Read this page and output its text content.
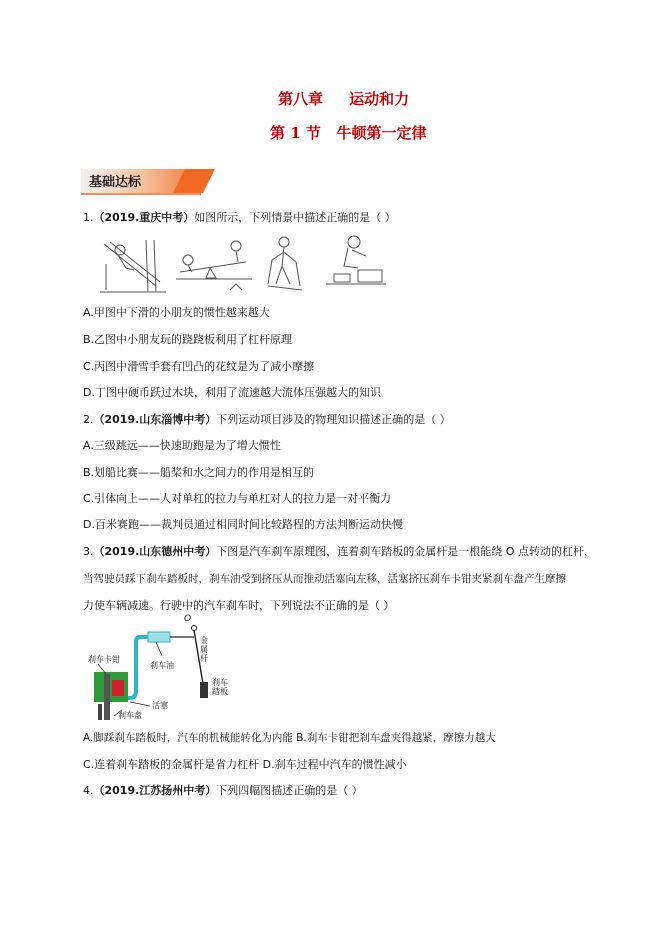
第八章     运动和力
第 1 节   牛顿第一定律
基础达标
1.（2019.重庆中考）如图所示，下列情景中描述正确的是（ ）
A.甲图中下滑的小朋友的惯性越来越大
B.乙图中小朋友玩的跷跷板利用了杠杆原理
C.丙图中滑雪手套有凹凸的花纹是为了减小摩擦
D.丁图中硬币跃过木块，利用了流速越大流体压强越大的知识
2.（2019.山东淄博中考）下列运动项目涉及的物理知识描述正确的是（ ）
A.三级跳远——快速助跑是为了增大惯性
B.划船比赛——船桨和水之间力的作用是相互的
C.引体向上——人对单杠的拉力与单杠对人的拉力是一对平衡力
D.百米赛跑——裁判员通过相同时间比较路程的方法判断运动快慢
3.（2019.山东德州中考）下图是汽车刹车原理图，连着刹车踏板的金属杆是一根能绕 O 点转动的杠杆，
当驾驶员踩下刹车踏板时，刹车油受到挤压从而推动活塞向左移，活塞挤压刹车卡钳夹紧刹车盘产生摩擦
力使车辆减速。行驶中的汽车刹车时，下列说法不正确的是（ ）
刹车卡钳
刹车油
活塞
刹车盘
O
金属杆
刹车踏板
A.脚踩刹车踏板时，汽车的机械能转化为内能 B.刹车卡钳把刹车盘夹得越紧，摩擦力越大
C.连着刹车踏板的金属杆是省力杠杆 D.刹车过程中汽车的惯性减小
4.（2019.江苏扬州中考）下列四幅图描述正确的是（ ）
